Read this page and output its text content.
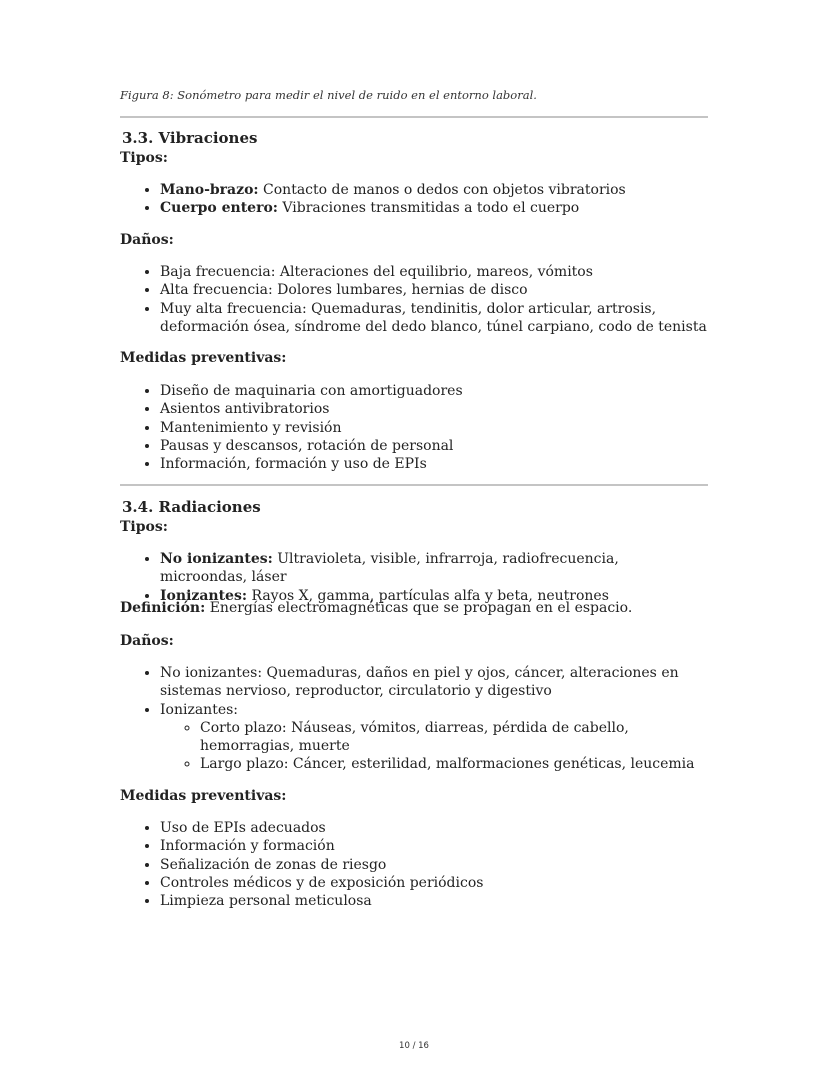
Figura 8: Sonómetro para medir el nivel de ruido en el entorno laboral.
3.3. Vibraciones
Tipos:
• Mano-brazo: Contacto de manos o dedos con objetos vibratorios
• Cuerpo entero: Vibraciones transmitidas a todo el cuerpo
Daños:
• Baja frecuencia: Alteraciones del equilibrio, mareos, vómitos
• Alta frecuencia: Dolores lumbares, hernias de disco
• Muy alta frecuencia: Quemaduras, tendinitis, dolor articular, artrosis, deformación ósea, síndrome del dedo blanco, túnel carpiano, codo de tenista
Medidas preventivas:
• Diseño de maquinaria con amortiguadores
• Asientos antivibratorios
• Mantenimiento y revisión
• Pausas y descansos, rotación de personal
• Información, formación y uso de EPIs
3.4. Radiaciones
Tipos:
• No ionizantes: Ultravioleta, visible, infrarroja, radiofrecuencia, microondas, láser
• Ionizantes: Rayos X, gamma, partículas alfa y beta, neutrones
Definición: Energías electromagnéticas que se propagan en el espacio.
Daños:
• No ionizantes: Quemaduras, daños en piel y ojos, cáncer, alteraciones en sistemas nervioso, reproductor, circulatorio y digestivo
• Ionizantes:
◦ Corto plazo: Náuseas, vómitos, diarreas, pérdida de cabello, hemorragias, muerte
◦ Largo plazo: Cáncer, esterilidad, malformaciones genéticas, leucemia
Medidas preventivas:
• Uso de EPIs adecuados
• Información y formación
• Señalización de zonas de riesgo
• Controles médicos y de exposición periódicos
• Limpieza personal meticulosa
10 / 16
